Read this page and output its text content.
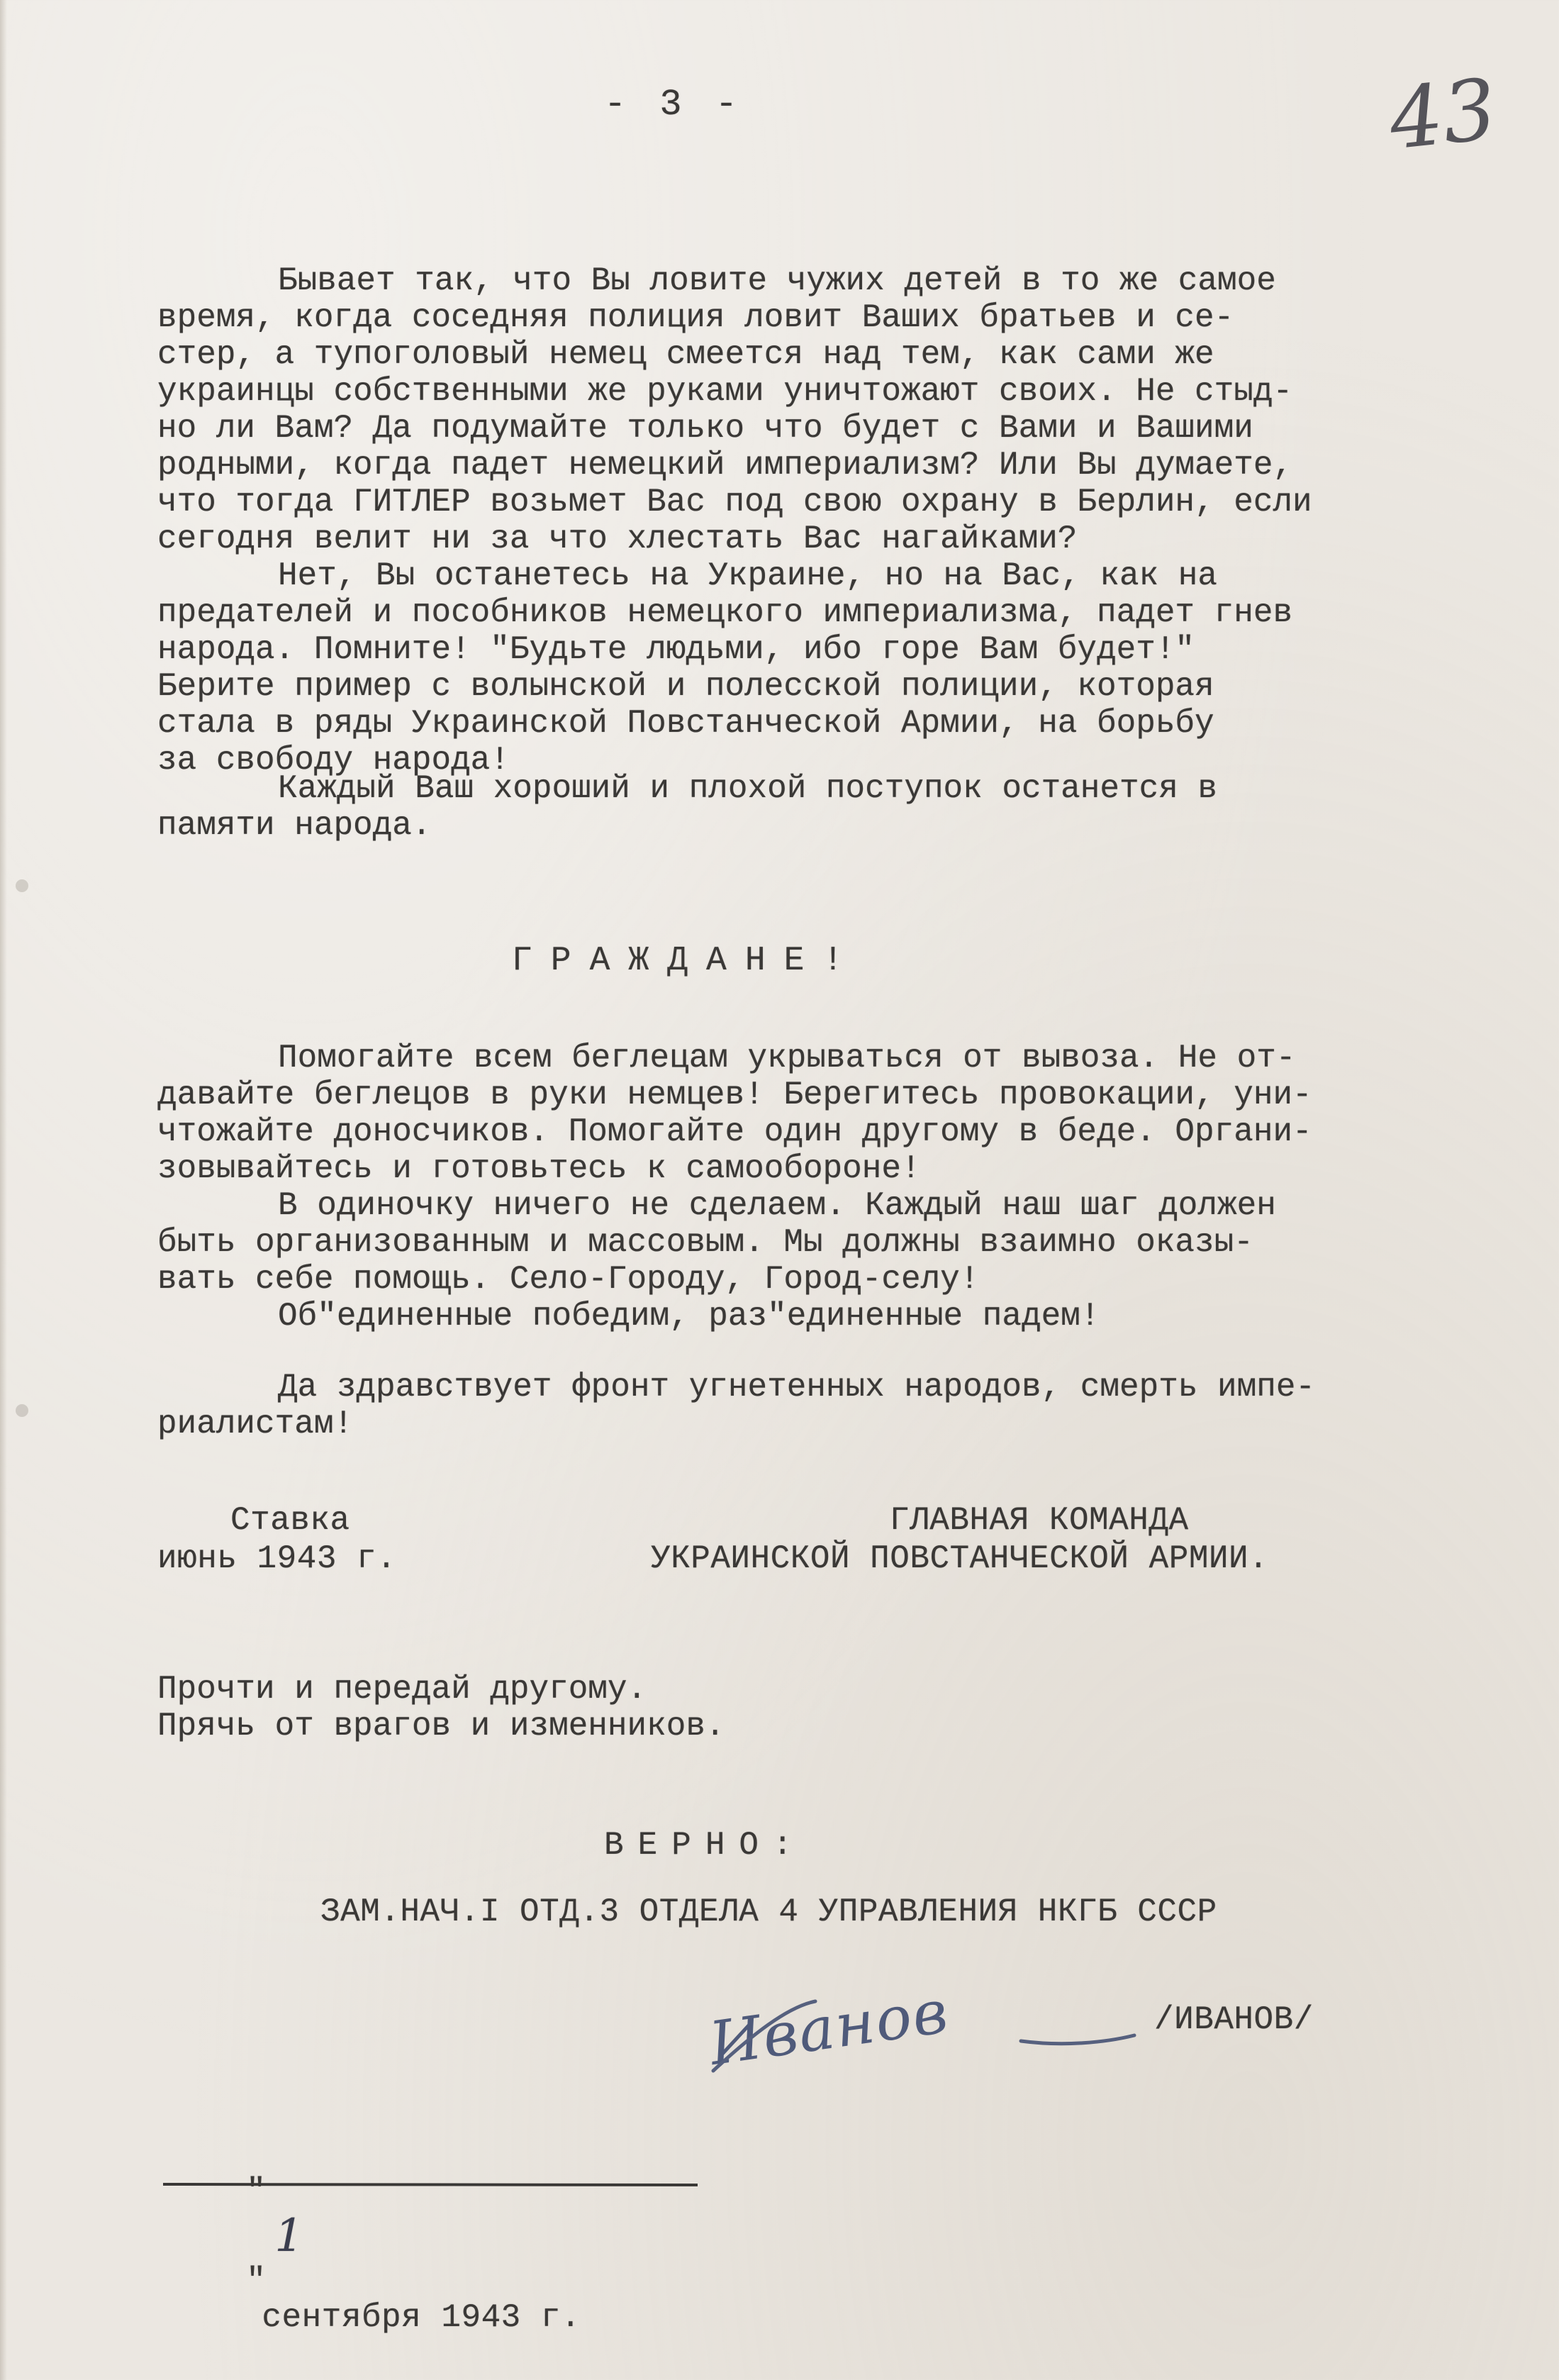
- 3 -	43
Бывает так, что Вы ловите чужих детей в то же самое
время, когда соседняя полиция ловит Ваших братьев и се-
стер, а тупоголовый немец смеется над тем, как сами же
украинцы собственными же руками уничтожают своих. Не стыд-
но ли Вам? Да подумайте только что будет с Вами и Вашими
родными, когда падет немецкий империализм? Или Вы думаете,
что тогда ГИТЛЕР возьмет Вас под свою охрану в Берлин, если
сегодня велит ни за что хлестать Вас нагайками?
Нет, Вы останетесь на Украине, но на Вас, как на
предателей и пособников немецкого империализма, падет гнев
народа. Помните! "Будьте людьми, ибо горе Вам будет!"
Берите пример с волынской и полесской полиции, которая
стала в ряды Украинской Повстанческой Армии, на борьбу
за свободу народа!
Каждый Ваш хороший и плохой поступок останется в
памяти народа.
ГРАЖДАНЕ!
Помогайте всем беглецам укрываться от вывоза. Не от-
давайте беглецов в руки немцев! Берегитесь провокации, уни-
чтожайте доносчиков. Помогайте один другому в беде. Органи-
зовывайтесь и готовьтесь к самообороне!
В одиночку ничего не сделаем. Каждый наш шаг должен
быть организованным и массовым. Мы должны взаимно оказы-
вать себе помощь. Село-Городу, Город-селу!
Об"единенные победим, раз"единенные падем!
Да здравствует фронт угнетенных народов, смерть импе-
риалистам!
Ставка
июнь 1943 г.
ГЛАВНАЯ КОМАНДА
УКРАИНСКОЙ ПОВСТАНЧЕСКОЙ АРМИИ.
Прочти и передай другому.
Прячь от врагов и изменников.
ВЕРНО:
ЗАМ.НАЧ.I ОТД.3 ОТДЕЛА 4 УПРАВЛЕНИЯ НКГБ СССР
Иванов	/ИВАНОВ/

"
1
"
сентября 1943 г.
